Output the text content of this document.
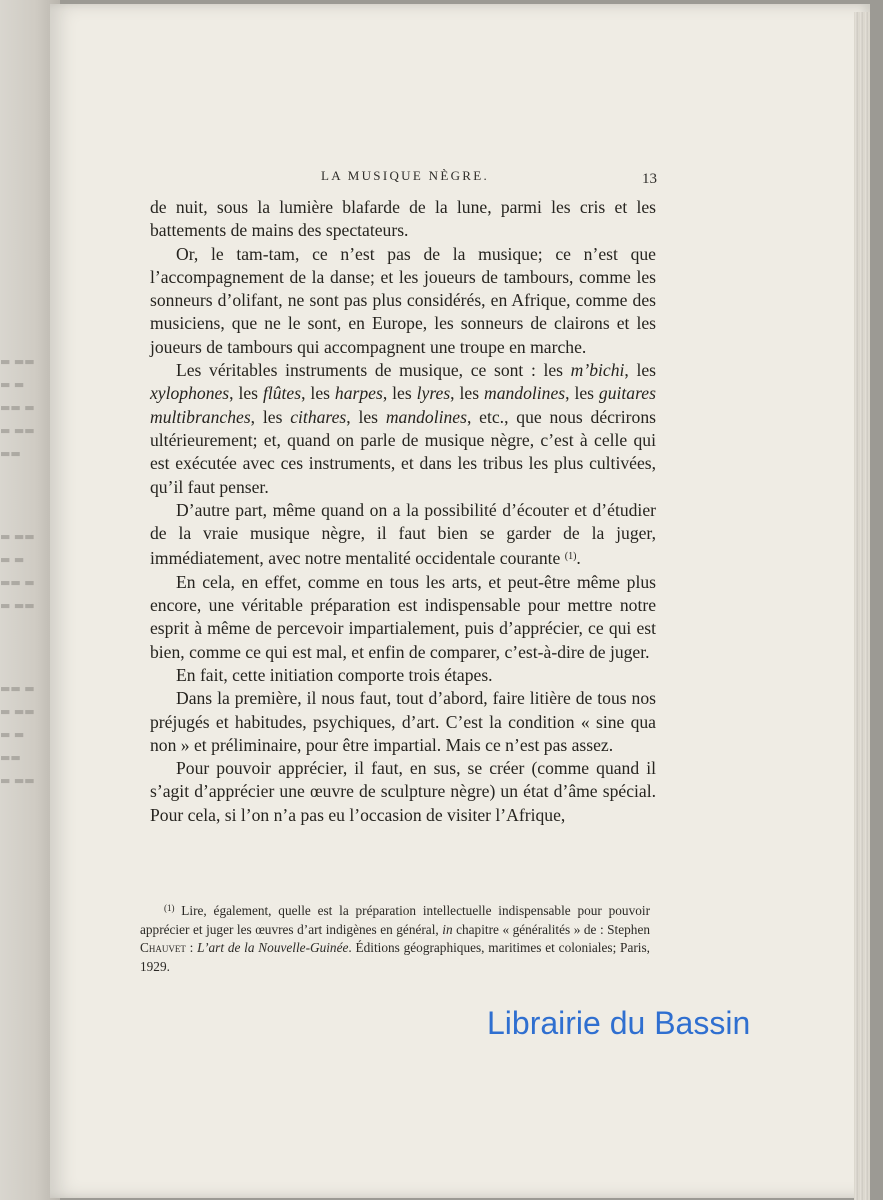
▬ ▬▬
▬ ▬
▬▬ ▬
▬ ▬▬
▬▬
▬ ▬▬
▬ ▬
▬▬ ▬
▬ ▬▬
▬▬ ▬
▬ ▬▬
▬ ▬
▬▬
▬ ▬▬
LA MUSIQUE NÈGRE.	13

de nuit, sous la lumière blafarde de la lune, parmi les cris et les battements de mains des spectateurs.

Or, le tam-tam, ce n’est pas de la musique; ce n’est que l’accompagnement de la danse; et les joueurs de tambours, comme les sonneurs d’olifant, ne sont pas plus considérés, en Afrique, comme des musiciens, que ne le sont, en Europe, les sonneurs de clairons et les joueurs de tambours qui accompagnent une troupe en marche.

Les véritables instruments de musique, ce sont : les m’bichi, les xylophones, les flûtes, les harpes, les lyres, les mandolines, les guitares multibranches, les cithares, les mandolines, etc., que nous décrirons ultérieurement; et, quand on parle de musique nègre, c’est à celle qui est exécutée avec ces instruments, et dans les tribus les plus cultivées, qu’il faut penser.

D’autre part, même quand on a la possibilité d’écouter et d’étudier de la vraie musique nègre, il faut bien se garder de la juger, immédiatement, avec notre mentalité occidentale courante $^{(1)}$.

En cela, en effet, comme en tous les arts, et peut-être même plus encore, une véritable préparation est indispensable pour mettre notre esprit à même de percevoir impartialement, puis d’apprécier, ce qui est bien, comme ce qui est mal, et enfin de comparer, c’est-à-dire de juger.

En fait, cette initiation comporte trois étapes.

Dans la première, il nous faut, tout d’abord, faire litière de tous nos préjugés et habitudes, psychiques, d’art. C’est la condition « sine qua non » et préliminaire, pour être impartial. Mais ce n’est pas assez.

Pour pouvoir apprécier, il faut, en sus, se créer (comme quand il s’agit d’apprécier une œuvre de sculpture nègre) un état d’âme spécial. Pour cela, si l’on n’a pas eu l’occasion de visiter l’Afrique,

$^{(1)}$ Lire, également, quelle est la préparation intellectuelle indispensable pour pouvoir apprécier et juger les œuvres d’art indigènes en général, in chapitre « généralités » de : Stephen Chauvet : L’art de la Nouvelle-Guinée. Éditions géographiques, maritimes et coloniales; Paris, 1929.
Librairie du Bassin
